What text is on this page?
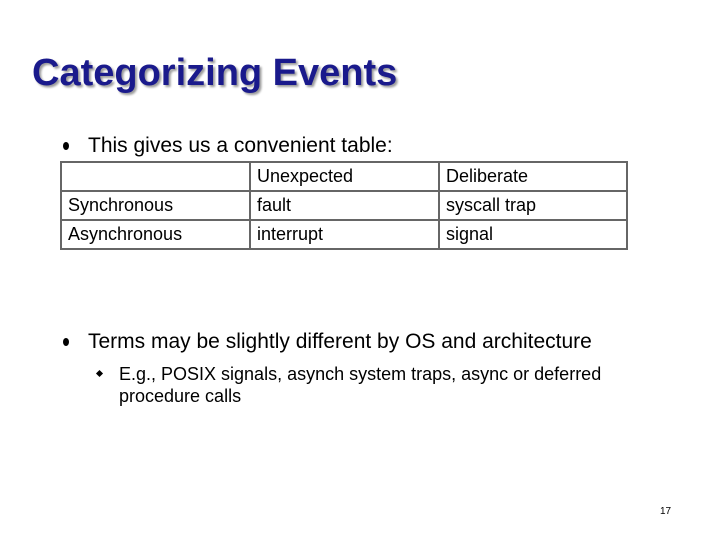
Categorizing Events
This gives us a convenient table:
	Unexpected	Deliberate
Synchronous	fault	syscall trap
Asynchronous	interrupt	signal
Terms may be slightly different by OS and architecture
E.g., POSIX signals, asynch system traps, async or deferred procedure calls
17
